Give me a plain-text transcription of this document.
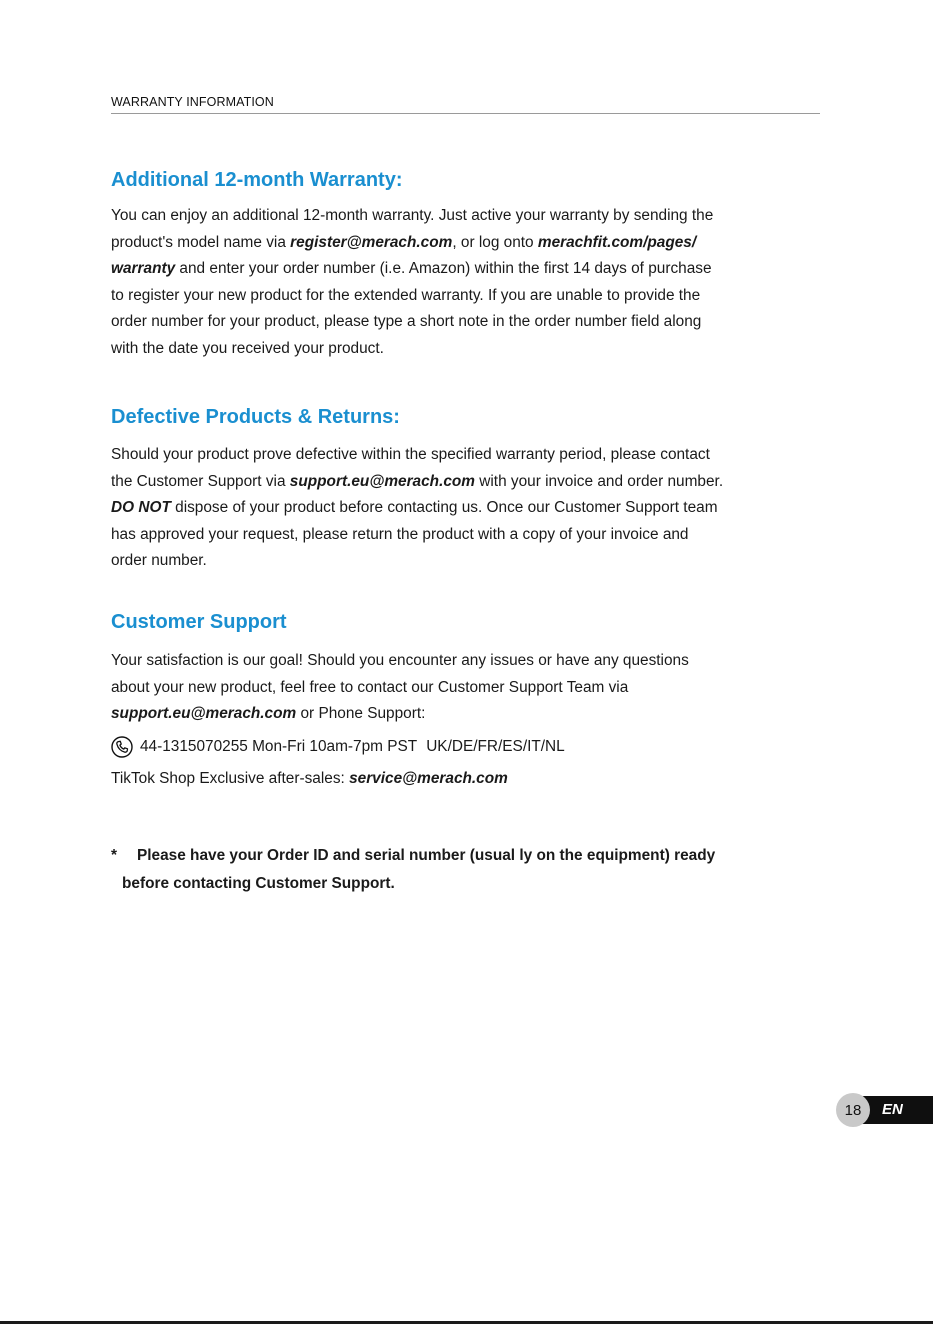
WARRANTY INFORMATION
Additional 12-month Warranty:

You can enjoy an additional 12-month warranty. Just active your warranty by sending the
product's model name via register@merach.com, or log onto merachfit.com/pages/
warranty and enter your order number (i.e. Amazon) within the first 14 days of purchase
to register your new product for the extended warranty. If you are unable to provide the
order number for your product, please type a short note in the order number field along
with the date you received your product.

Defective Products & Returns:

Should your product prove defective within the specified warranty period, please contact
the Customer Support via support.eu@merach.com with your invoice and order number.
DO NOT dispose of your product before contacting us. Once our Customer Support team
has approved your request, please return the product with a copy of your invoice and
order number.

Customer Support

Your satisfaction is our goal! Should you encounter any issues or have any questions
about your new product, feel free to contact our Customer Support Team via
support.eu@merach.com or Phone Support:

44-1315070255 Mon-Fri 10am-7pm PST UK/DE/FR/ES/IT/NL
TikTok Shop Exclusive after-sales: service@merach.com

* Please have your Order ID and serial number (usual ly on the equipment) ready
before contacting Customer Support.

EN
18
